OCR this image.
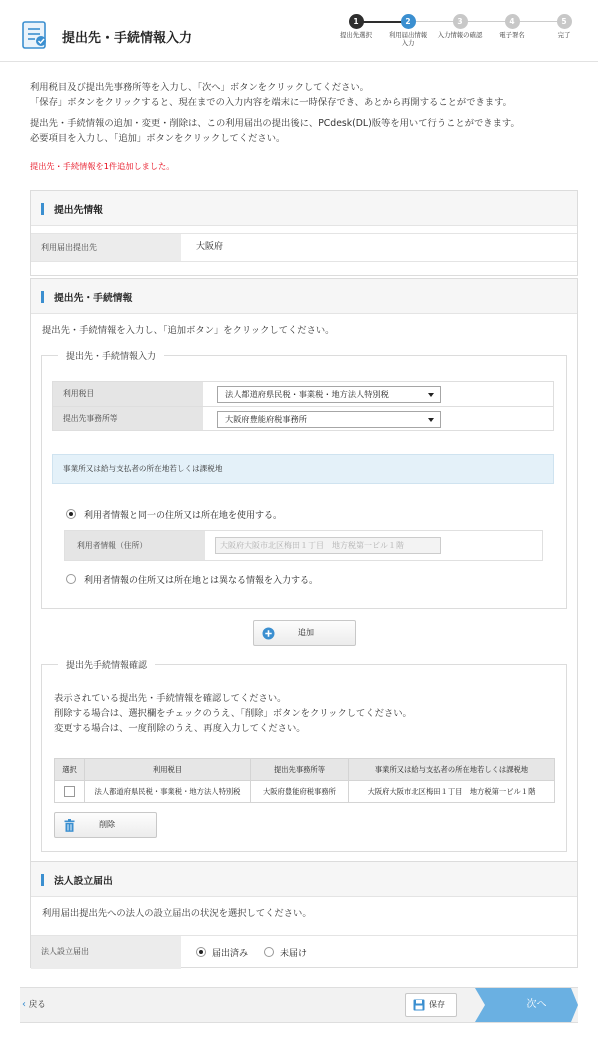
提出先・手続情報入力
1
提出先選択
2
利用届出情報入力
3
入力情報の確認
4
電子署名
5
完了
利用税目及び提出先事務所等を入力し、「次へ」ボタンをクリックしてください。
「保存」ボタンをクリックすると、現在までの入力内容を端末に一時保存でき、あとから再開することができます。
提出先・手続情報の追加・変更・削除は、この利用届出の提出後に、PCdesk(DL)版等を用いて行うことができます。
必要項目を入力し、「追加」ボタンをクリックしてください。
提出先・手続情報を1件追加しました。
提出先情報
利用届出提出先	大阪府
提出先・手続情報
提出先・手続情報を入力し、「追加ボタン」をクリックしてください。
提出先・手続情報入力
利用税目	法人都道府県民税・事業税・地方法人特別税
提出先事務所等	大阪府豊能府税事務所
事業所又は給与支払者の所在地若しくは課税地
利用者情報と同一の住所又は所在地を使用する。
利用者情報（住所）	大阪府大阪市北区梅田１丁目　地方税第一ビル１階
利用者情報の住所又は所在地とは異なる情報を入力する。
追加
提出先手続情報確認
表示されている提出先・手続情報を確認してください。
削除する場合は、選択欄をチェックのうえ、「削除」ボタンをクリックしてください。
変更する場合は、一度削除のうえ、再度入力してください。
選択	利用税目	提出先事務所等	事業所又は給与支払者の所在地若しくは課税地
	法人都道府県民税・事業税・地方法人特別税	大阪府豊能府税事務所	大阪府大阪市北区梅田１丁目　地方税第一ビル１階
削除
法人設立届出
利用届出提出先への法人の設立届出の状況を選択してください。
法人設立届出	届出済み	未届け
‹ 戻る	保存	次へ
